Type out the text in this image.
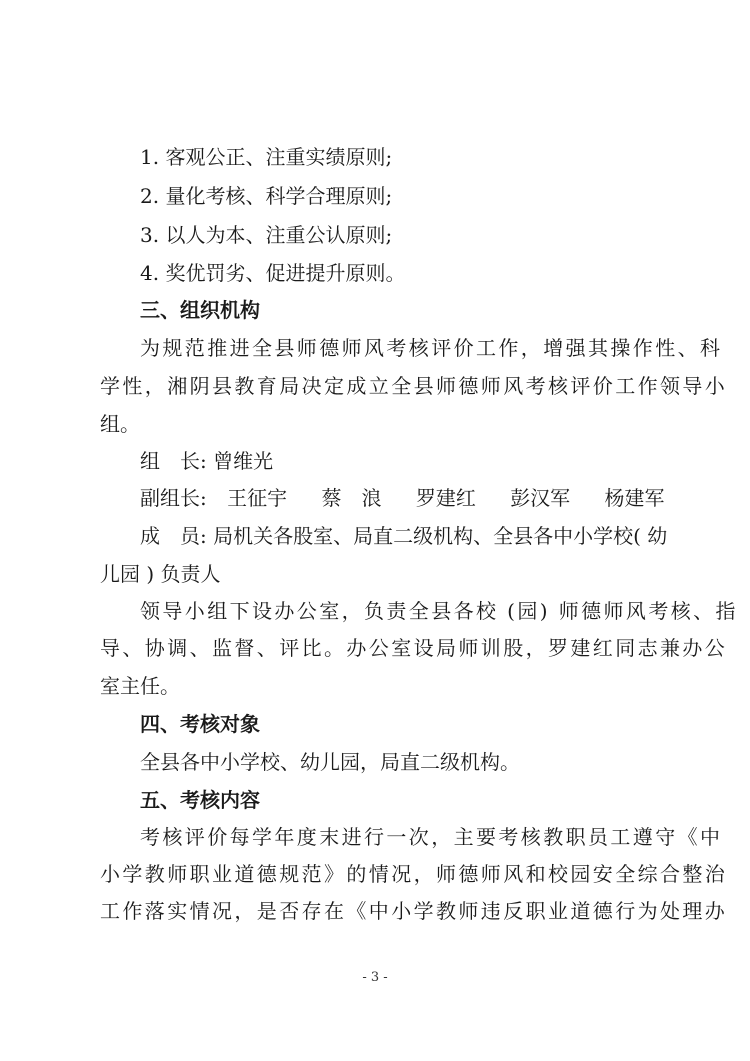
1. 客观公正、注重实绩原则;
2. 量化考核、科学合理原则;
3. 以人为本、注重公认原则;
4. 奖优罚劣、促进提升原则。
三、组织机构
为规范推进全县师德师风考核评价工作，增强其操作性、科
学性，湘阴县教育局决定成立全县师德师风考核评价工作领导小
组。
组　长: 曾维光
副组长: 王征宇 蔡　浪 罗建红 彭汉军 杨建军
成　员: 局机关各股室、局直二级机构、全县各中小学校( 幼
儿园 ) 负责人
领导小组下设办公室，负责全县各校 (园) 师德师风考核、指
导、协调、监督、评比。办公室设局师训股，罗建红同志兼办公
室主任。
四、考核对象
全县各中小学校、幼儿园，局直二级机构。
五、考核内容
考核评价每学年度末进行一次，主要考核教职员工遵守《中
小学教师职业道德规范》的情况，师德师风和校园安全综合整治
工作落实情况，是否存在《中小学教师违反职业道德行为处理办
- 3 -
